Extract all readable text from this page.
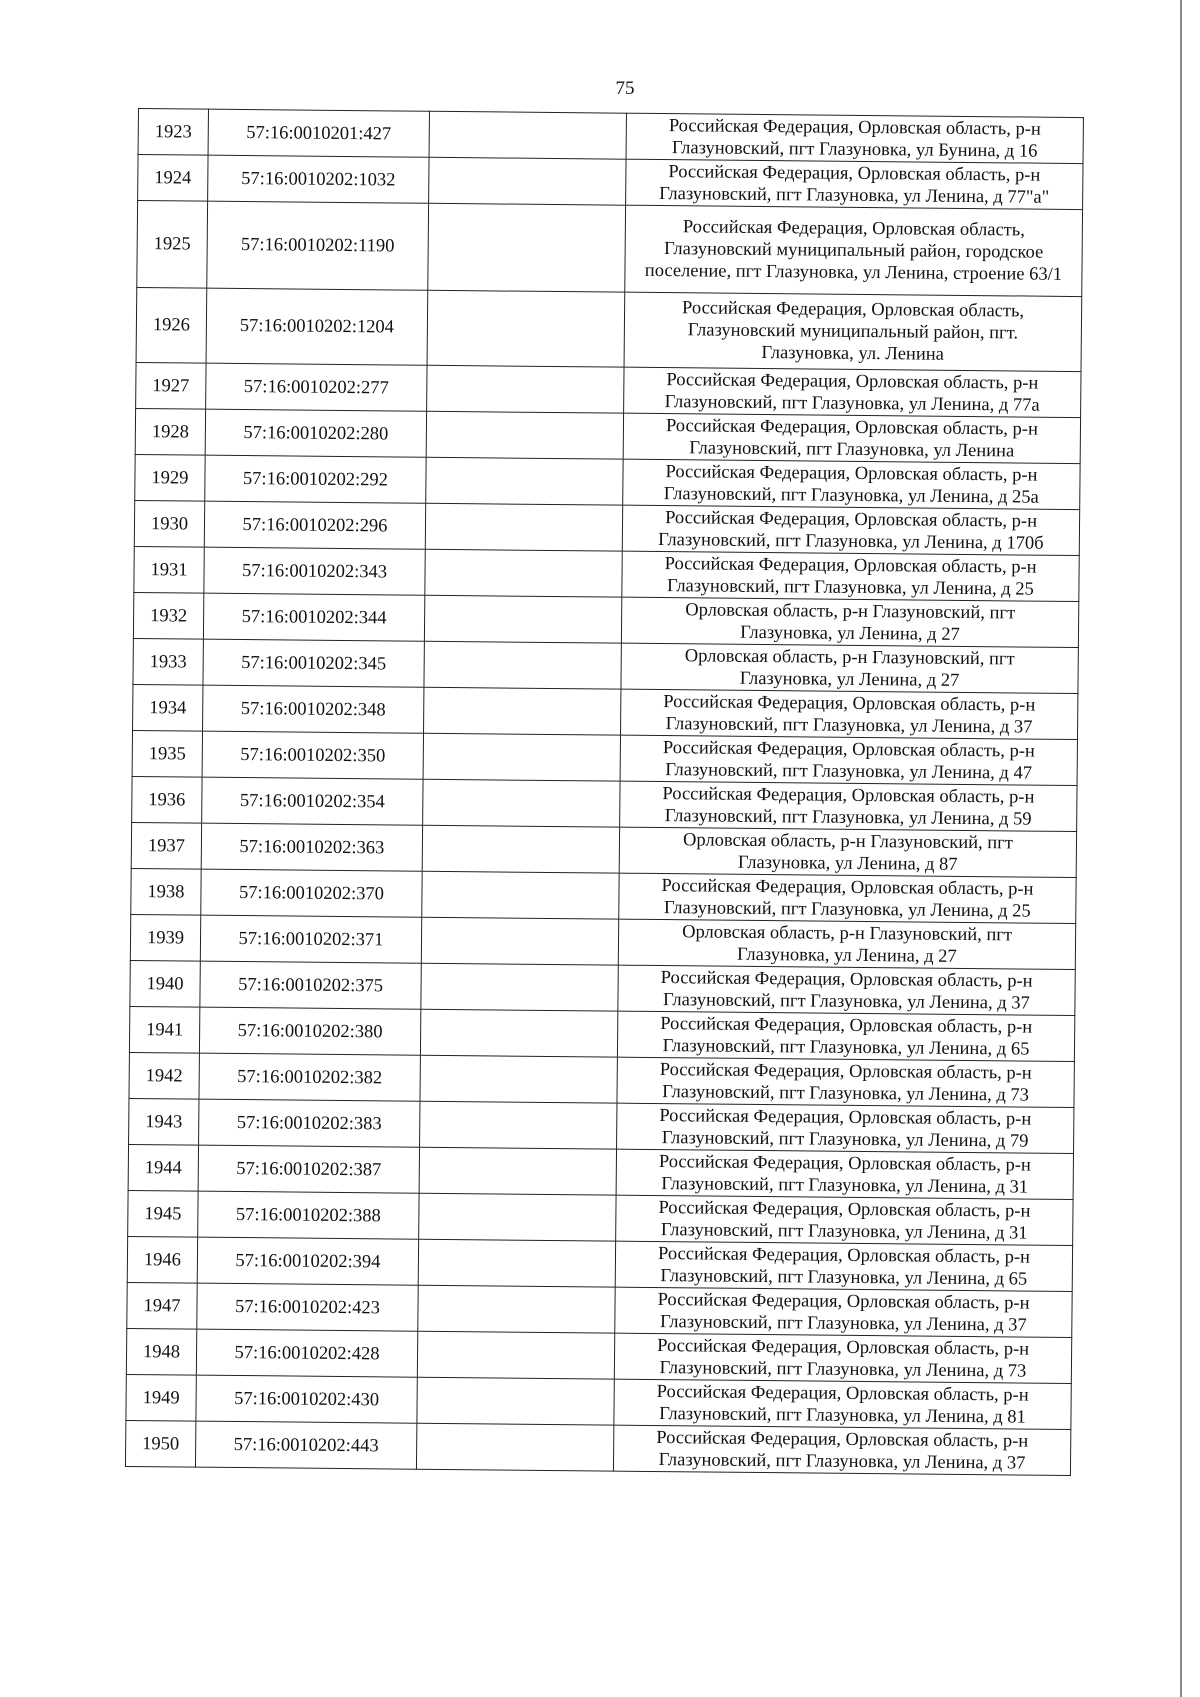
75
1923	57:16:0010201:427		Российская Федерация, Орловская область, р-н
Глазуновский, пгт Глазуновка, ул Бунина, д 16

1924	57:16:0010202:1032		Российская Федерация, Орловская область, р-н
Глазуновский, пгт Глазуновка, ул Ленина, д 77"а"

1925	57:16:0010202:1190		Российская Федерация, Орловская область,
Глазуновский муниципальный район, городское
поселение, пгт Глазуновка, ул Ленина, строение 63/1

1926	57:16:0010202:1204		Российская Федерация, Орловская область,
Глазуновский муниципальный район, пгт.
Глазуновка, ул. Ленина

1927	57:16:0010202:277		Российская Федерация, Орловская область, р-н
Глазуновский, пгт Глазуновка, ул Ленина, д 77а

1928	57:16:0010202:280		Российская Федерация, Орловская область, р-н
Глазуновский, пгт Глазуновка, ул Ленина

1929	57:16:0010202:292		Российская Федерация, Орловская область, р-н
Глазуновский, пгт Глазуновка, ул Ленина, д 25а

1930	57:16:0010202:296		Российская Федерация, Орловская область, р-н
Глазуновский, пгт Глазуновка, ул Ленина, д 170б

1931	57:16:0010202:343		Российская Федерация, Орловская область, р-н
Глазуновский, пгт Глазуновка, ул Ленина, д 25

1932	57:16:0010202:344		Орловская область, р-н Глазуновский, пгт
Глазуновка, ул Ленина, д 27

1933	57:16:0010202:345		Орловская область, р-н Глазуновский, пгт
Глазуновка, ул Ленина, д 27

1934	57:16:0010202:348		Российская Федерация, Орловская область, р-н
Глазуновский, пгт Глазуновка, ул Ленина, д 37

1935	57:16:0010202:350		Российская Федерация, Орловская область, р-н
Глазуновский, пгт Глазуновка, ул Ленина, д 47

1936	57:16:0010202:354		Российская Федерация, Орловская область, р-н
Глазуновский, пгт Глазуновка, ул Ленина, д 59

1937	57:16:0010202:363		Орловская область, р-н Глазуновский, пгт
Глазуновка, ул Ленина, д 87

1938	57:16:0010202:370		Российская Федерация, Орловская область, р-н
Глазуновский, пгт Глазуновка, ул Ленина, д 25

1939	57:16:0010202:371		Орловская область, р-н Глазуновский, пгт
Глазуновка, ул Ленина, д 27

1940	57:16:0010202:375		Российская Федерация, Орловская область, р-н
Глазуновский, пгт Глазуновка, ул Ленина, д 37

1941	57:16:0010202:380		Российская Федерация, Орловская область, р-н
Глазуновский, пгт Глазуновка, ул Ленина, д 65

1942	57:16:0010202:382		Российская Федерация, Орловская область, р-н
Глазуновский, пгт Глазуновка, ул Ленина, д 73

1943	57:16:0010202:383		Российская Федерация, Орловская область, р-н
Глазуновский, пгт Глазуновка, ул Ленина, д 79

1944	57:16:0010202:387		Российская Федерация, Орловская область, р-н
Глазуновский, пгт Глазуновка, ул Ленина, д 31

1945	57:16:0010202:388		Российская Федерация, Орловская область, р-н
Глазуновский, пгт Глазуновка, ул Ленина, д 31

1946	57:16:0010202:394		Российская Федерация, Орловская область, р-н
Глазуновский, пгт Глазуновка, ул Ленина, д 65

1947	57:16:0010202:423		Российская Федерация, Орловская область, р-н
Глазуновский, пгт Глазуновка, ул Ленина, д 37

1948	57:16:0010202:428		Российская Федерация, Орловская область, р-н
Глазуновский, пгт Глазуновка, ул Ленина, д 73

1949	57:16:0010202:430		Российская Федерация, Орловская область, р-н
Глазуновский, пгт Глазуновка, ул Ленина, д 81

1950	57:16:0010202:443		Российская Федерация, Орловская область, р-н
Глазуновский, пгт Глазуновка, ул Ленина, д 37
